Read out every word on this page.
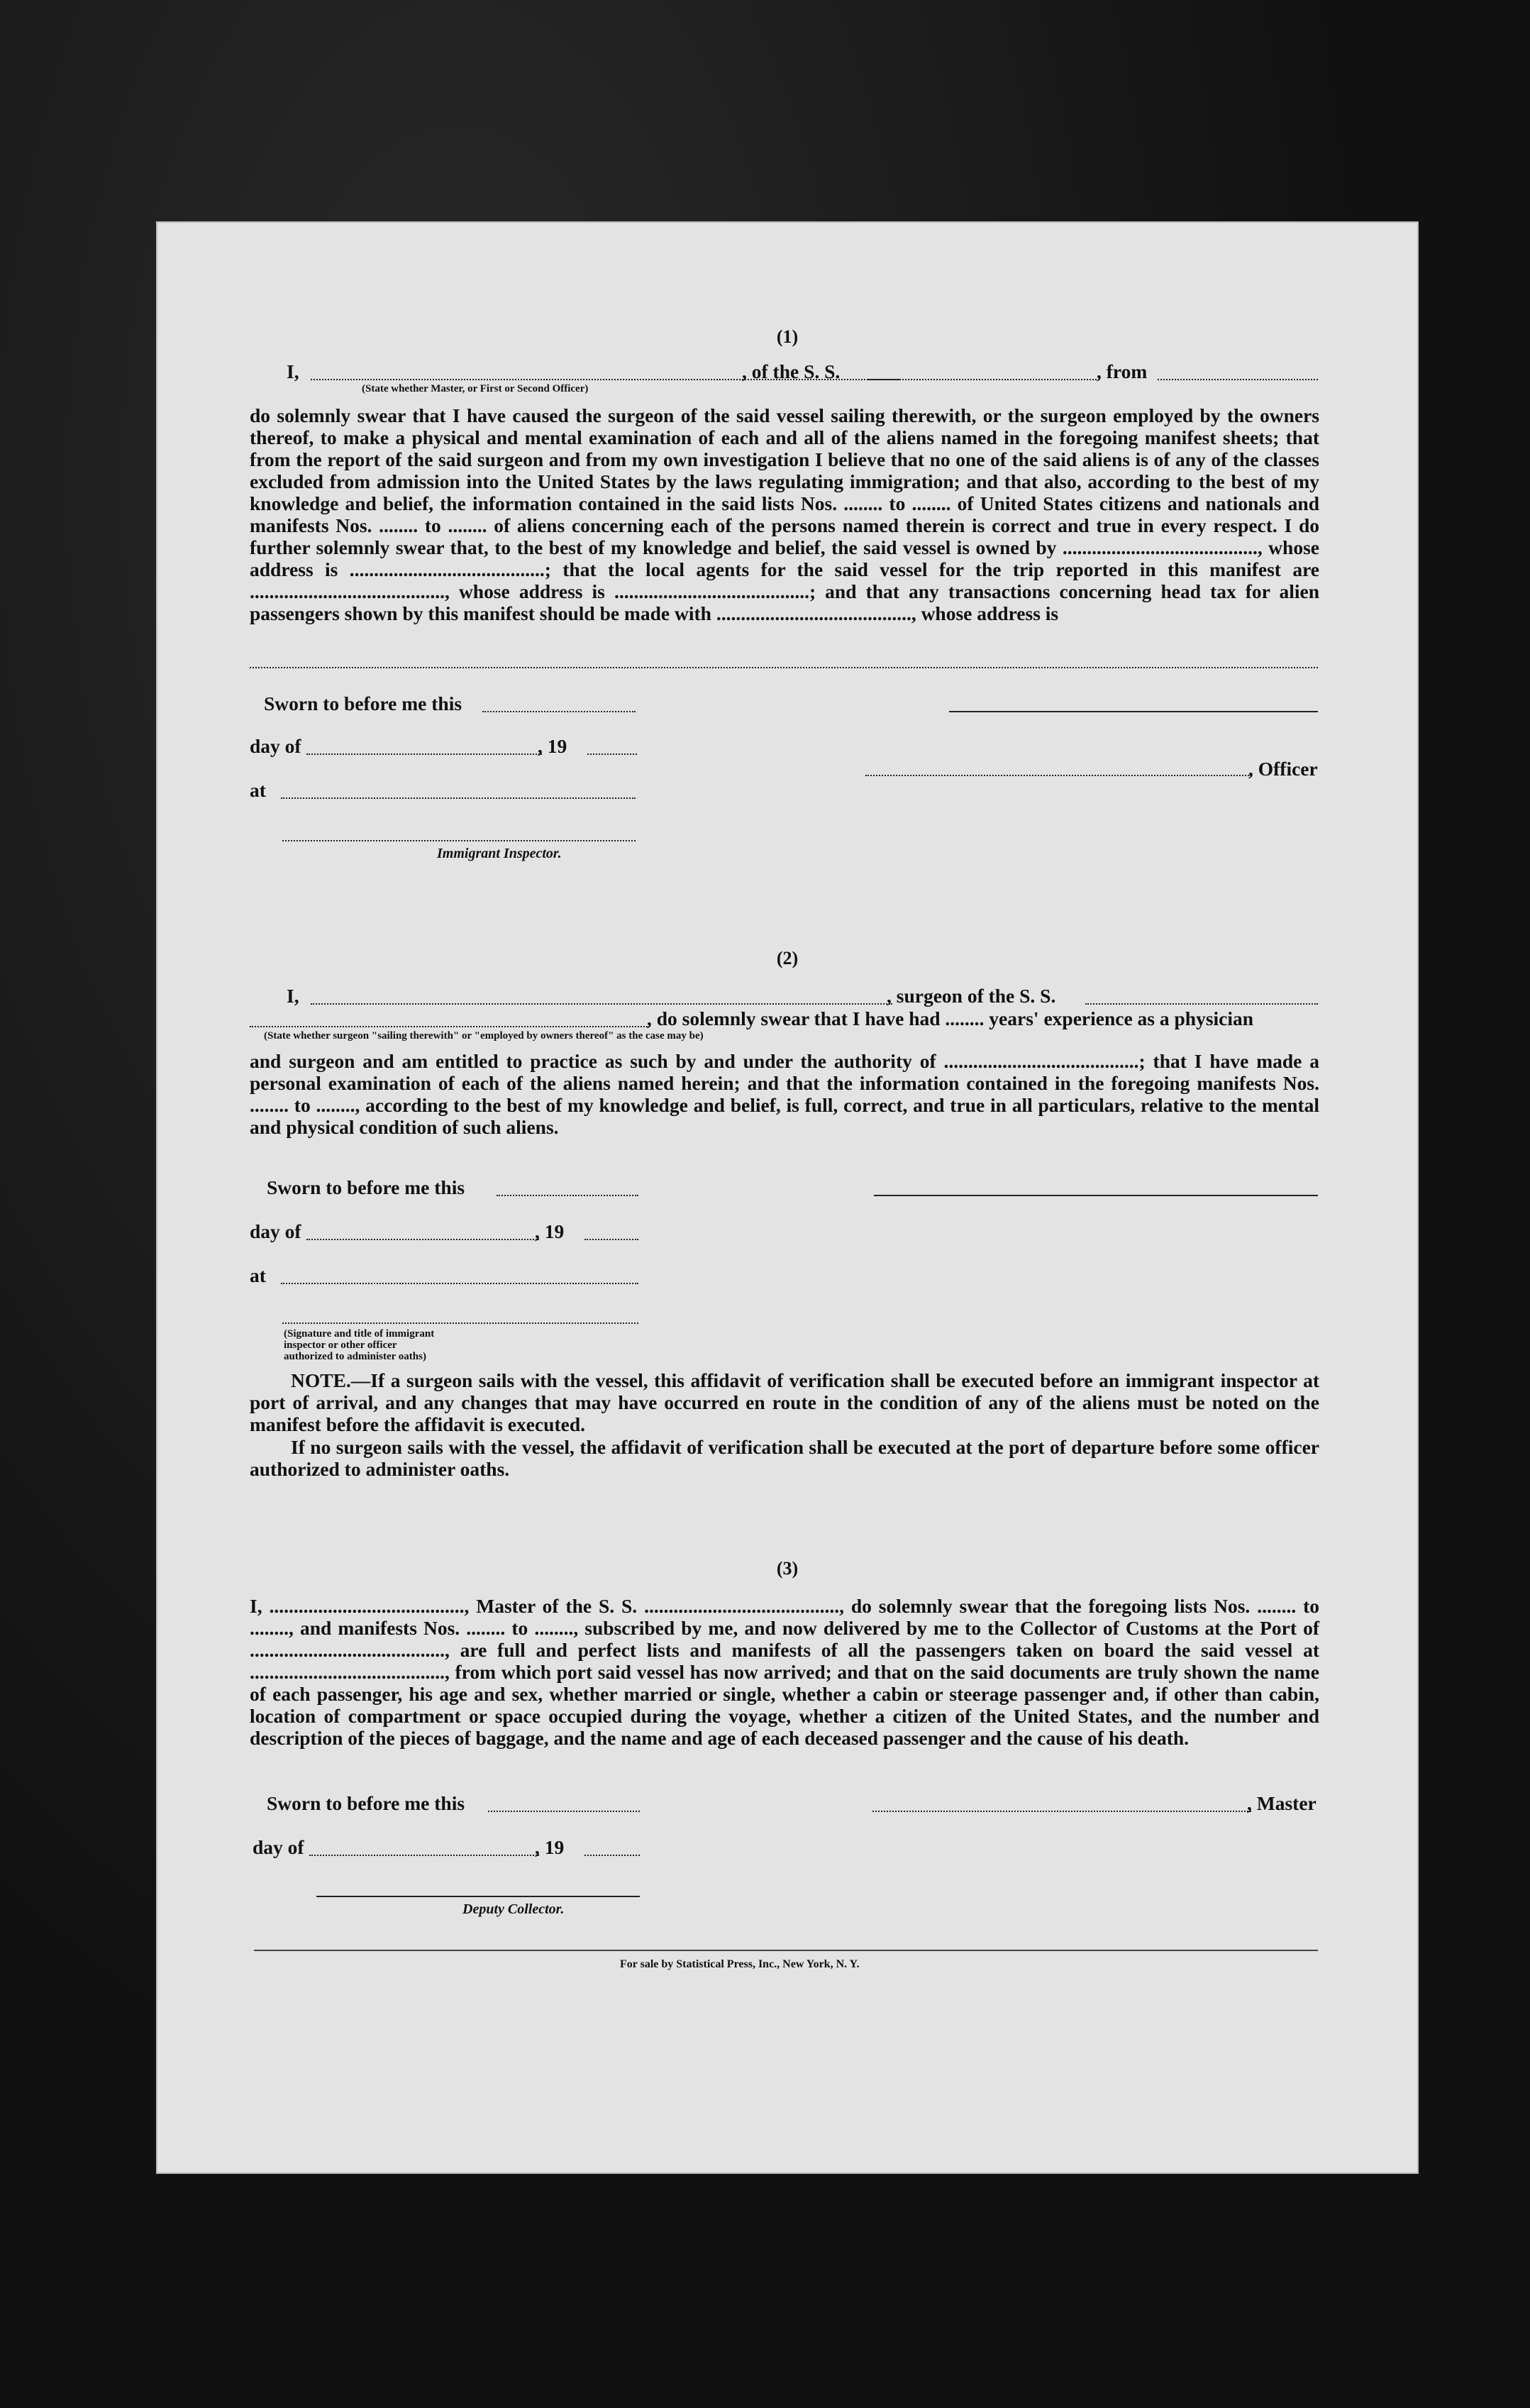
(1)
I,	, of the S. S.	, from
(State whether Master, or First or Second Officer)
do solemnly swear that I have caused the surgeon of the said vessel sailing therewith, or the surgeon employed by the owners thereof, to make a physical and mental examination of each and all of the aliens named in the foregoing manifest sheets; that from the report of the said surgeon and from my own investigation I believe that no one of the said aliens is of any of the classes excluded from admission into the United States by the laws regulating immigration; and that also, according to the best of my knowledge and belief, the information contained in the said lists Nos. ........ to ........ of United States citizens and nationals and manifests Nos. ........ to ........ of aliens concerning each of the persons named therein is correct and true in every respect. I do further solemnly swear that, to the best of my knowledge and belief, the said vessel is owned by ........................................, whose address is ........................................; that the local agents for the said vessel for the trip reported in this manifest are ........................................, whose address is ........................................; and that any transactions concerning head tax for alien passengers shown by this manifest should be made with ........................................, whose address is
Sworn to before me this
day of	, 19
, Officer
at
Immigrant Inspector.
(2)
I,	, surgeon of the S. S.
, do solemnly swear that I have had ........ years' experience as a physician
(State whether surgeon "sailing therewith" or "employed by owners thereof" as the case may be)
and surgeon and am entitled to practice as such by and under the authority of ........................................; that I have made a personal examination of each of the aliens named herein; and that the information contained in the foregoing manifests Nos. ........ to ........, according to the best of my knowledge and belief, is full, correct, and true in all particulars, relative to the mental and physical condition of such aliens.
Sworn to before me this
day of	, 19
at
(Signature and title of immigrant inspector or other officer authorized to administer oaths)
NOTE.—If a surgeon sails with the vessel, this affidavit of verification shall be executed before an immigrant inspector at port of arrival, and any changes that may have occurred en route in the condition of any of the aliens must be noted on the manifest before the affidavit is executed.
If no surgeon sails with the vessel, the affidavit of verification shall be executed at the port of departure before some officer authorized to administer oaths.
(3)
I, ........................................, Master of the S. S. ........................................, do solemnly swear that the foregoing lists Nos. ........ to ........, and manifests Nos. ........ to ........, subscribed by me, and now delivered by me to the Collector of Customs at the Port of ........................................, are full and perfect lists and manifests of all the passengers taken on board the said vessel at ........................................, from which port said vessel has now arrived; and that on the said documents are truly shown the name of each passenger, his age and sex, whether married or single, whether a cabin or steerage passenger and, if other than cabin, location of compartment or space occupied during the voyage, whether a citizen of the United States, and the number and description of the pieces of baggage, and the name and age of each deceased passenger and the cause of his death.
Sworn to before me this	, Master
day of	, 19
Deputy Collector.
For sale by Statistical Press, Inc., New York, N. Y.
